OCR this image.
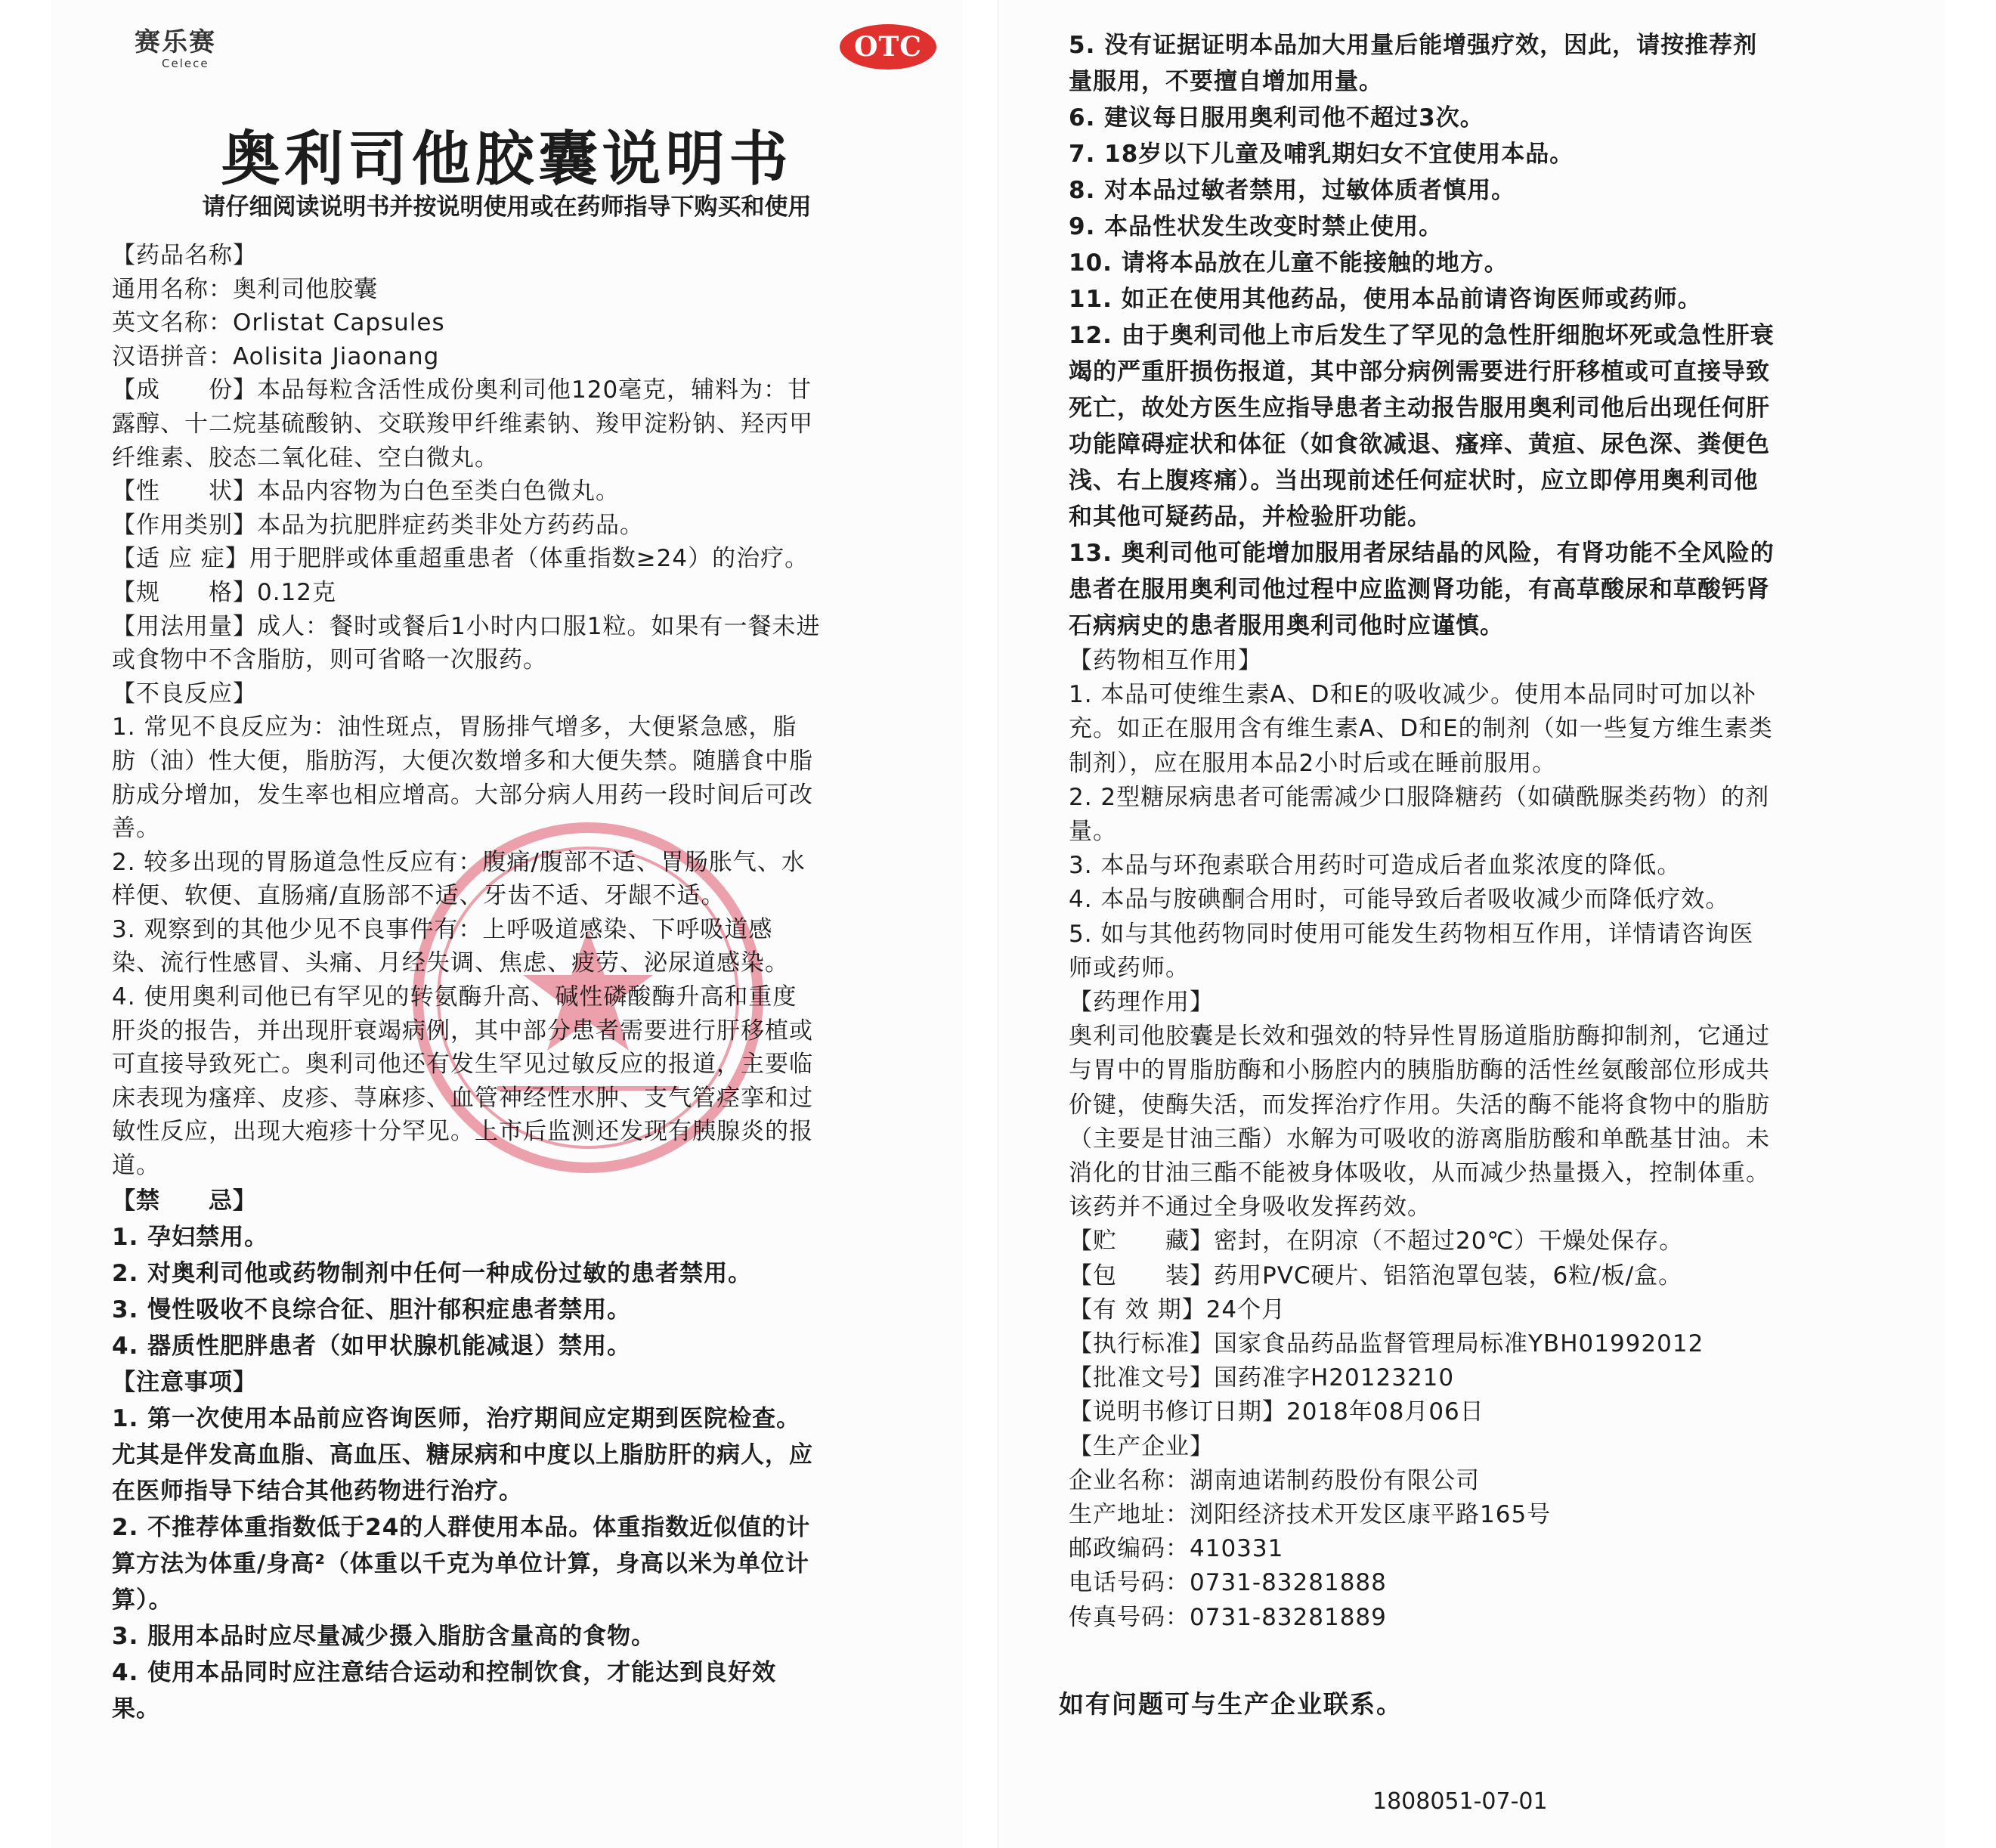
赛乐赛
Celece
OTC
奥利司他胶囊说明书
请仔细阅读说明书并按说明使用或在药师指导下购买和使用
【药品名称】
通用名称：奥利司他胶囊
英文名称：Orlistat Capsules
汉语拼音：Aolisita Jiaonang
【成　　份】本品每粒含活性成份奥利司他120毫克，辅料为：甘
露醇、十二烷基硫酸钠、交联羧甲纤维素钠、羧甲淀粉钠、羟丙甲
纤维素、胶态二氧化硅、空白微丸。
【性　　状】本品内容物为白色至类白色微丸。
【作用类别】本品为抗肥胖症药类非处方药药品。
【适 应 症】用于肥胖或体重超重患者（体重指数≥24）的治疗。
【规　　格】0.12克
【用法用量】成人：餐时或餐后1小时内口服1粒。如果有一餐未进
或食物中不含脂肪，则可省略一次服药。
【不良反应】
1. 常见不良反应为：油性斑点，胃肠排气增多，大便紧急感，脂
肪（油）性大便，脂肪泻，大便次数增多和大便失禁。随膳食中脂
肪成分增加，发生率也相应增高。大部分病人用药一段时间后可改
善。
2. 较多出现的胃肠道急性反应有：腹痛/腹部不适、胃肠胀气、水
样便、软便、直肠痛/直肠部不适、牙齿不适、牙龈不适。
3. 观察到的其他少见不良事件有：上呼吸道感染、下呼吸道感
染、流行性感冒、头痛、月经失调、焦虑、疲劳、泌尿道感染。
4. 使用奥利司他已有罕见的转氨酶升高、碱性磷酸酶升高和重度
肝炎的报告，并出现肝衰竭病例，其中部分患者需要进行肝移植或
可直接导致死亡。奥利司他还有发生罕见过敏反应的报道，主要临
床表现为瘙痒、皮疹、荨麻疹、血管神经性水肿、支气管痉挛和过
敏性反应，出现大疱疹十分罕见。上市后监测还发现有胰腺炎的报
道。
【禁　　忌】
1. 孕妇禁用。
2. 对奥利司他或药物制剂中任何一种成份过敏的患者禁用。
3. 慢性吸收不良综合征、胆汁郁积症患者禁用。
4. 器质性肥胖患者（如甲状腺机能减退）禁用。
【注意事项】
1. 第一次使用本品前应咨询医师，治疗期间应定期到医院检查。
尤其是伴发高血脂、高血压、糖尿病和中度以上脂肪肝的病人，应
在医师指导下结合其他药物进行治疗。
2. 不推荐体重指数低于24的人群使用本品。体重指数近似值的计
算方法为体重/身高²（体重以千克为单位计算，身高以米为单位计
算）。
3. 服用本品时应尽量减少摄入脂肪含量高的食物。
4. 使用本品同时应注意结合运动和控制饮食，才能达到良好效
果。
5. 没有证据证明本品加大用量后能增强疗效，因此，请按推荐剂
量服用，不要擅自增加用量。
6. 建议每日服用奥利司他不超过3次。
7. 18岁以下儿童及哺乳期妇女不宜使用本品。
8. 对本品过敏者禁用，过敏体质者慎用。
9. 本品性状发生改变时禁止使用。
10. 请将本品放在儿童不能接触的地方。
11. 如正在使用其他药品，使用本品前请咨询医师或药师。
12. 由于奥利司他上市后发生了罕见的急性肝细胞坏死或急性肝衰
竭的严重肝损伤报道，其中部分病例需要进行肝移植或可直接导致
死亡，故处方医生应指导患者主动报告服用奥利司他后出现任何肝
功能障碍症状和体征（如食欲减退、瘙痒、黄疸、尿色深、粪便色
浅、右上腹疼痛）。当出现前述任何症状时，应立即停用奥利司他
和其他可疑药品，并检验肝功能。
13. 奥利司他可能增加服用者尿结晶的风险，有肾功能不全风险的
患者在服用奥利司他过程中应监测肾功能，有高草酸尿和草酸钙肾
石病病史的患者服用奥利司他时应谨慎。
【药物相互作用】
1. 本品可使维生素A、D和E的吸收减少。使用本品同时可加以补
充。如正在服用含有维生素A、D和E的制剂（如一些复方维生素类
制剂），应在服用本品2小时后或在睡前服用。
2. 2型糖尿病患者可能需减少口服降糖药（如磺酰脲类药物）的剂
量。
3. 本品与环孢素联合用药时可造成后者血浆浓度的降低。
4. 本品与胺碘酮合用时，可能导致后者吸收减少而降低疗效。
5. 如与其他药物同时使用可能发生药物相互作用，详情请咨询医
师或药师。
【药理作用】
奥利司他胶囊是长效和强效的特异性胃肠道脂肪酶抑制剂，它通过
与胃中的胃脂肪酶和小肠腔内的胰脂肪酶的活性丝氨酸部位形成共
价键，使酶失活，而发挥治疗作用。失活的酶不能将食物中的脂肪
（主要是甘油三酯）水解为可吸收的游离脂肪酸和单酰基甘油。未
消化的甘油三酯不能被身体吸收，从而减少热量摄入，控制体重。
该药并不通过全身吸收发挥药效。
【贮　　藏】密封，在阴凉（不超过20℃）干燥处保存。
【包　　装】药用PVC硬片、铝箔泡罩包装，6粒/板/盒。
【有 效 期】24个月
【执行标准】国家食品药品监督管理局标准YBH01992012
【批准文号】国药准字H20123210
【说明书修订日期】2018年08月06日
【生产企业】
企业名称：湖南迪诺制药股份有限公司
生产地址：浏阳经济技术开发区康平路165号
邮政编码：410331
电话号码：0731-83281888
传真号码：0731-83281889
如有问题可与生产企业联系。
1808051-07-01
